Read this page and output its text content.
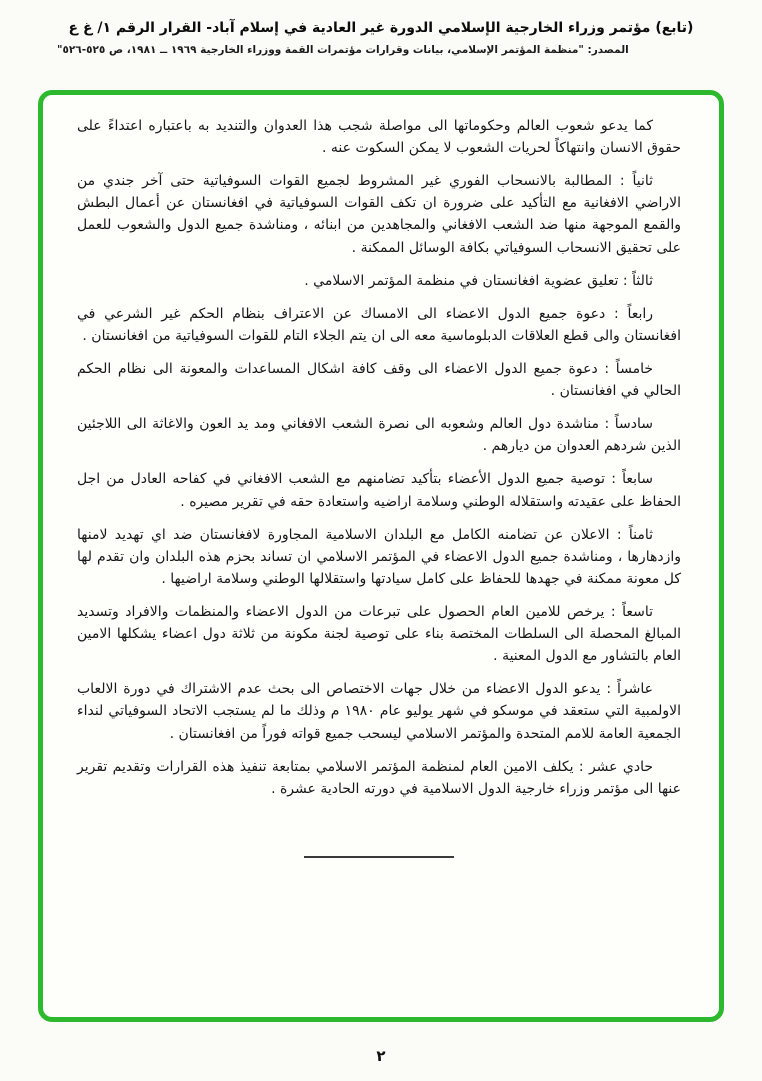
(تابع) مؤتمر وزراء الخارجية الإسلامي الدورة غير العادية في إسلام آباد- القرار الرقم ١/ غ ع
المصدر: "منظمة المؤتمر الإسلامي، بيانات وقرارات مؤتمرات القمة ووزراء الخارجية ١٩٦٩ ــ ١٩٨١، ص ٥٢٥-٥٢٦"

كما يدعو شعوب العالم وحكوماتها الى مواصلة شجب هذا العدوان والتنديد به باعتباره اعتداءً على حقوق الانسان وانتهاكاً لحريات الشعوب لا يمكن السكوت عنه .

ثانياً : المطالبة بالانسحاب الفوري غير المشروط لجميع القوات السوفياتية حتى آخر جندي من الاراضي الافغانية مع التأكيد على ضرورة ان تكف القوات السوفياتية في افغانستان عن أعمال البطش والقمع الموجهة منها ضد الشعب الافغاني والمجاهدين من ابنائه ، ومناشدة جميع الدول والشعوب للعمل على تحقيق الانسحاب السوفياتي بكافة الوسائل الممكنة .

ثالثاً : تعليق عضوية افغانستان في منظمة المؤتمر الاسلامي .

رابعاً : دعوة جميع الدول الاعضاء الى الامساك عن الاعتراف بنظام الحكم غير الشرعي في افغانستان والى قطع العلاقات الدبلوماسية معه الى ان يتم الجلاء التام للقوات السوفياتية من افغانستان .

خامساً : دعوة جميع الدول الاعضاء الى وقف كافة اشكال المساعدات والمعونة الى نظام الحكم الحالي في افغانستان .

سادساً : مناشدة دول العالم وشعوبه الى نصرة الشعب الافغاني ومد يد العون والاغاثة الى اللاجئين الذين شردهم العدوان من ديارهم .

سابعاً : توصية جميع الدول الأعضاء بتأكيد تضامنهم مع الشعب الافغاني في كفاحه العادل من اجل الحفاظ على عقيدته واستقلاله الوطني وسلامة اراضيه واستعادة حقه في تقرير مصيره .

ثامناً : الاعلان عن تضامنه الكامل مع البلدان الاسلامية المجاورة لافغانستان ضد اي تهديد لامنها وازدهارها ، ومناشدة جميع الدول الاعضاء في المؤتمر الاسلامي ان تساند بحزم هذه البلدان وان تقدم لها كل معونة ممكنة في جهدها للحفاظ على كامل سيادتها واستقلالها الوطني وسلامة اراضيها .

تاسعاً : يرخص للامين العام الحصول على تبرعات من الدول الاعضاء والمنظمات والافراد وتسديد المبالغ المحصلة الى السلطات المختصة بناء على توصية لجنة مكونة من ثلاثة دول اعضاء يشكلها الامين العام بالتشاور مع الدول المعنية .

عاشراً : يدعو الدول الاعضاء من خلال جهات الاختصاص الى بحث عدم الاشتراك في دورة الالعاب الاولمبية التي ستعقد في موسكو في شهر يوليو عام ١٩٨٠ م وذلك ما لم يستجب الاتحاد السوفياتي لنداء الجمعية العامة للامم المتحدة والمؤتمر الاسلامي ليسحب جميع قواته فوراً من افغانستان .

حادي عشر : يكلف الامين العام لمنظمة المؤتمر الاسلامي بمتابعة تنفيذ هذه القرارات وتقديم تقرير عنها الى مؤتمر وزراء خارجية الدول الاسلامية في دورته الحادية عشرة .

٢
